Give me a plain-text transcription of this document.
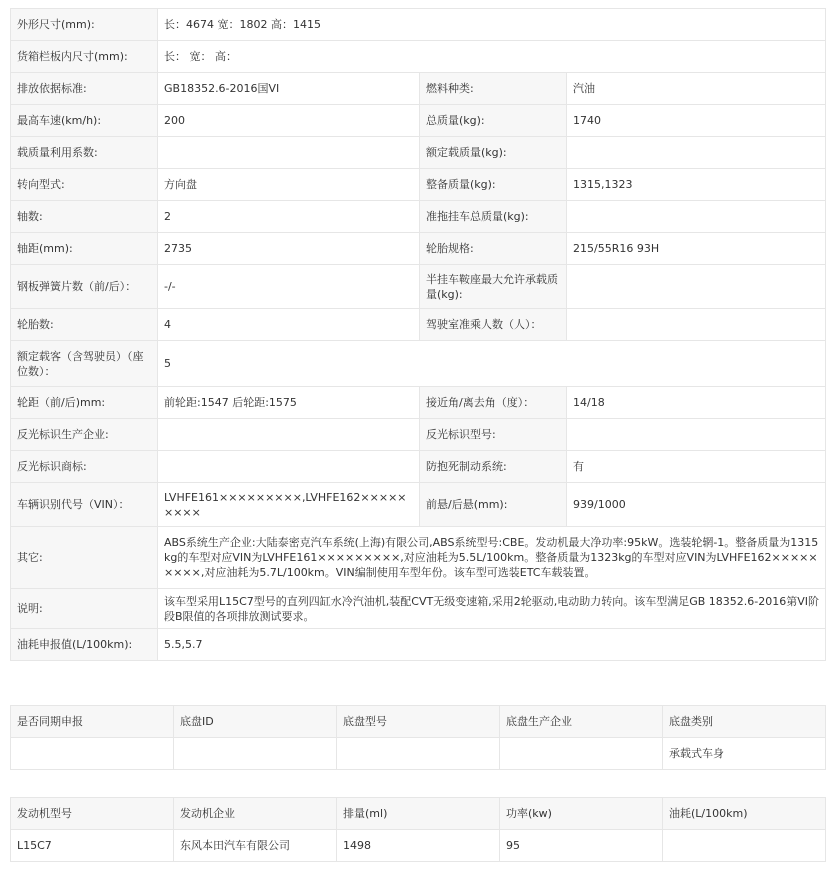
外形尺寸(mm):	长：4674 宽：1802 高：1415		
货箱栏板内尺寸(mm):	长： 宽： 高：		
排放依据标准:	GB18352.6-2016国VI	燃料种类:	汽油
最高车速(km/h):	200	总质量(kg):	1740
载质量利用系数:		额定载质量(kg):	
转向型式:	方向盘	整备质量(kg):	1315,1323
轴数:	2	准拖挂车总质量(kg):	
轴距(mm):	2735	轮胎规格:	215/55R16 93H
钢板弹簧片数（前/后）：	-/-	半挂车鞍座最大允许承载质量(kg):	
轮胎数:	4	驾驶室准乘人数（人）：	
额定载客（含驾驶员）（座位数）：	5		
轮距（前/后)mm:	前轮距:1547 后轮距:1575	接近角/离去角（度）：	14/18
反光标识生产企业:		反光标识型号:	
反光标识商标:		防抱死制动系统:	有
车辆识别代号（VIN）：	LVHFE161×××××××××,LVHFE162×××××××××	前悬/后悬(mm):	939/1000
其它:	ABS系统生产企业:大陆泰密克汽车系统(上海)有限公司,ABS系统型号:CBE。发动机最大净功率:95kW。选装轮辋-1。整备质量为1315kg的车型对应VIN为LVHFE161×××××××××,对应油耗为5.5L/100km。整备质量为1323kg的车型对应VIN为LVHFE162×××××××××,对应油耗为5.7L/100km。VIN编制使用车型年份。该车型可选装ETC车载装置。		
说明:	该车型采用L15C7型号的直列四缸水冷汽油机,装配CVT无级变速箱,采用2轮驱动,电动助力转向。该车型满足GB 18352.6-2016第VI阶段B限值的各项排放测试要求。		
油耗申报值(L/100km):	5.5,5.7		
是否同期申报	底盘ID	底盘型号	底盘生产企业	底盘类别
				承载式车身
发动机型号	发动机企业	排量(ml)	功率(kw)	油耗(L/100km)
L15C7	东风本田汽车有限公司	1498	95	
